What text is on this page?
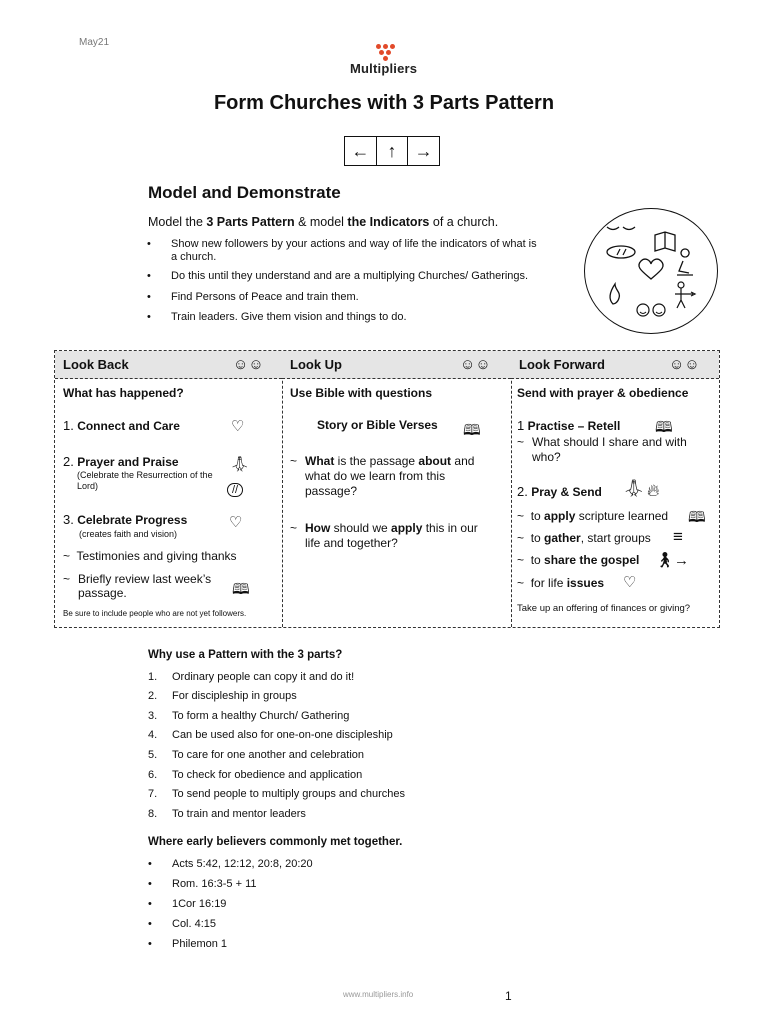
May21
Multipliers
Form Churches with 3 Parts Pattern
←	↑	→
Model and Demonstrate
Model the 3 Parts Pattern & model the Indicators of a church.
• Show new followers by your actions and way of life the indicators of what is a church.
• Do this until they understand and are a multiplying Churches/ Gatherings.
• Find Persons of Peace and train them.
• Train leaders. Give them vision and things to do.
Look Back	☺☺
What has happened?
1. Connect and Care	♡
2. Prayer and Praise	🙏︎
(Celebrate the Resurrection of the Lord)	//
3. Celebrate Progress	♡
(creates faith and vision)
~  Testimonies and giving thanks
~ Briefly review last week’s passage.	🕮︎
Be sure to include people who are not yet followers.
Look Up	☺☺
Use Bible with questions
Story or Bible Verses 🕮︎
~ What is the passage about and what do we learn from this passage?
~ How should we apply this in our life and together?
Look Forward	☺☺
Send with prayer & obedience
1 Practise – Retell 🕮︎
~ What should I share and with who?
2. Pray & Send 🙏︎ 🔥︎
~  to apply scripture learned 🕮︎
~  to gather, start groups ≡
~  to share the gospel 🚶︎→
~  for life issues ♡
Take up an offering of finances or giving?
Why use a Pattern with the 3 parts?
1. Ordinary people can copy it and do it!
2. For discipleship in groups
3. To form a healthy Church/ Gathering
4. Can be used also for one-on-one discipleship
5. To care for one another and celebration
6. To check for obedience and application
7. To send people to multiply groups and churches
8. To train and mentor leaders
Where early believers commonly met together.
• Acts 5:42, 12:12, 20:8, 20:20
• Rom. 16:3-5 + 11
• 1Cor 16:19
• Col. 4:15
• Philemon 1
www.multipliers.info	1
